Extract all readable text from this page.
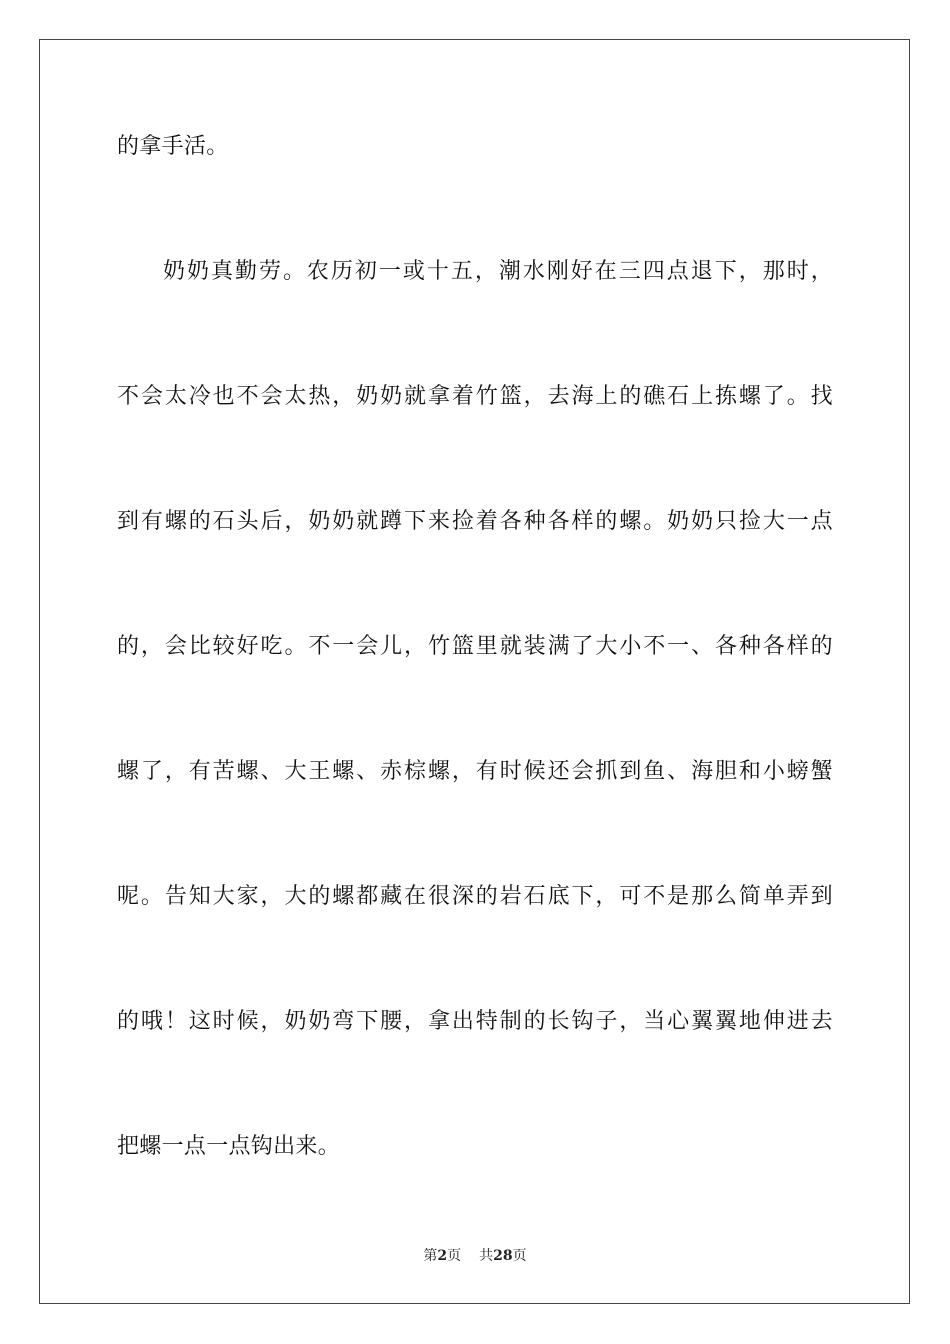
的拿手活。
奶奶真勤劳。农历初一或十五，潮水刚好在三四点退下，那时，
不会太冷也不会太热，奶奶就拿着竹篮，去海上的礁石上拣螺了。找
到有螺的石头后，奶奶就蹲下来捡着各种各样的螺。奶奶只捡大一点
的，会比较好吃。不一会儿，竹篮里就装满了大小不一、各种各样的
螺了，有苦螺、大王螺、赤棕螺，有时候还会抓到鱼、海胆和小螃蟹
呢。告知大家，大的螺都藏在很深的岩石底下，可不是那么简单弄到
的哦！这时候，奶奶弯下腰，拿出特制的长钩子，当心翼翼地伸进去
把螺一点一点钩出来。
第2页 共28页
